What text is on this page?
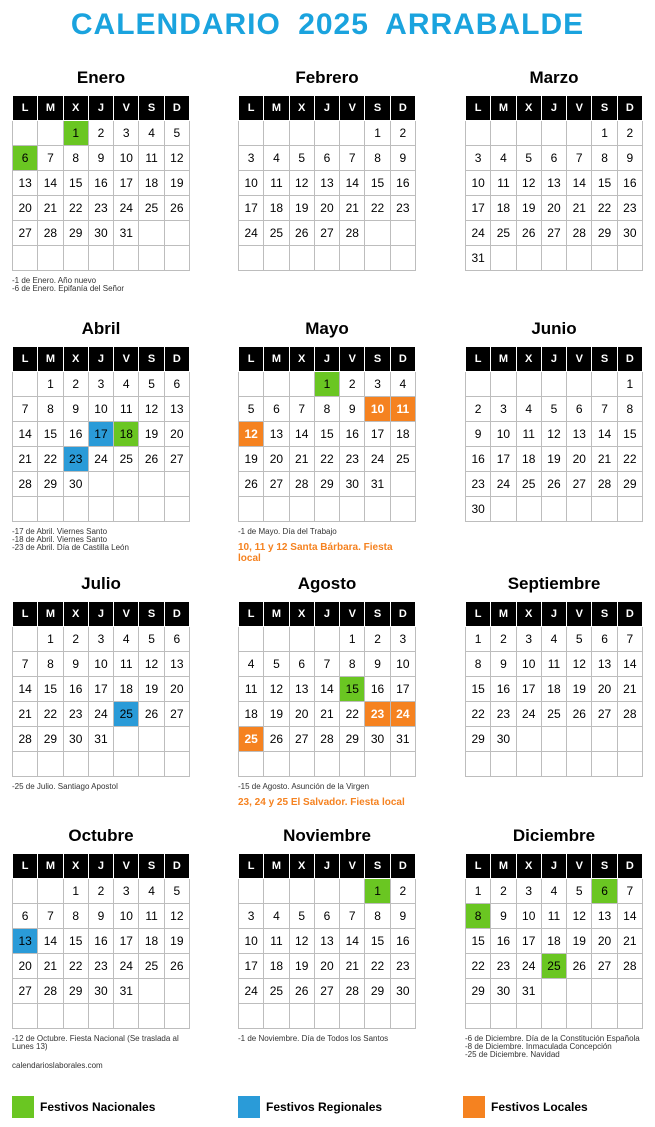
CALENDARIO 2025 ARRABALDE
Enero
L	M	X	J	V	S	D
		1	2	3	4	5
6	7	8	9	10	11	12
13	14	15	16	17	18	19
20	21	22	23	24	25	26
27	28	29	30	31		

-1 de Enero. Año nuevo
-6 de Enero. Epifanía del Señor
Febrero
L	M	X	J	V	S	D
					1	2
3	4	5	6	7	8	9
10	11	12	13	14	15	16
17	18	19	20	21	22	23
24	25	26	27	28		

Marzo
L	M	X	J	V	S	D
					1	2
3	4	5	6	7	8	9
10	11	12	13	14	15	16
17	18	19	20	21	22	23
24	25	26	27	28	29	30
31						
Abril
L	M	X	J	V	S	D
	1	2	3	4	5	6
7	8	9	10	11	12	13
14	15	16	17	18	19	20
21	22	23	24	25	26	27
28	29	30				

-17 de Abril. Viernes Santo
-18 de Abril. Viernes Santo
-23 de Abril. Día de Castilla León
Mayo
L	M	X	J	V	S	D
			1	2	3	4
5	6	7	8	9	10	11
12	13	14	15	16	17	18
19	20	21	22	23	24	25
26	27	28	29	30	31	

-1 de Mayo. Día del Trabajo
10, 11 y 12 Santa Bárbara. Fiesta local
Junio
L	M	X	J	V	S	D
						1
2	3	4	5	6	7	8
9	10	11	12	13	14	15
16	17	18	19	20	21	22
23	24	25	26	27	28	29
30						
Julio
L	M	X	J	V	S	D
	1	2	3	4	5	6
7	8	9	10	11	12	13
14	15	16	17	18	19	20
21	22	23	24	25	26	27
28	29	30	31			

-25 de Julio. Santiago Apostol
Agosto
L	M	X	J	V	S	D
				1	2	3
4	5	6	7	8	9	10
11	12	13	14	15	16	17
18	19	20	21	22	23	24
25	26	27	28	29	30	31

-15 de Agosto. Asunción de la Virgen
23, 24 y 25 El Salvador. Fiesta local
Septiembre
L	M	X	J	V	S	D
1	2	3	4	5	6	7
8	9	10	11	12	13	14
15	16	17	18	19	20	21
22	23	24	25	26	27	28
29	30					

Octubre
L	M	X	J	V	S	D
		1	2	3	4	5
6	7	8	9	10	11	12
13	14	15	16	17	18	19
20	21	22	23	24	25	26
27	28	29	30	31		

-12 de Octubre. Fiesta Nacional (Se traslada al Lunes 13)
calendarioslaborales.com
Noviembre
L	M	X	J	V	S	D
					1	2
3	4	5	6	7	8	9
10	11	12	13	14	15	16
17	18	19	20	21	22	23
24	25	26	27	28	29	30

-1 de Noviembre. Día de Todos los Santos
Diciembre
L	M	X	J	V	S	D
1	2	3	4	5	6	7
8	9	10	11	12	13	14
15	16	17	18	19	20	21
22	23	24	25	26	27	28
29	30	31				

-6 de Diciembre. Día de la Constitución Española
-8 de Diciembre. Inmaculada Concepción
-25 de Diciembre. Navidad
Festivos Nacionales	Festivos Regionales	Festivos Locales
